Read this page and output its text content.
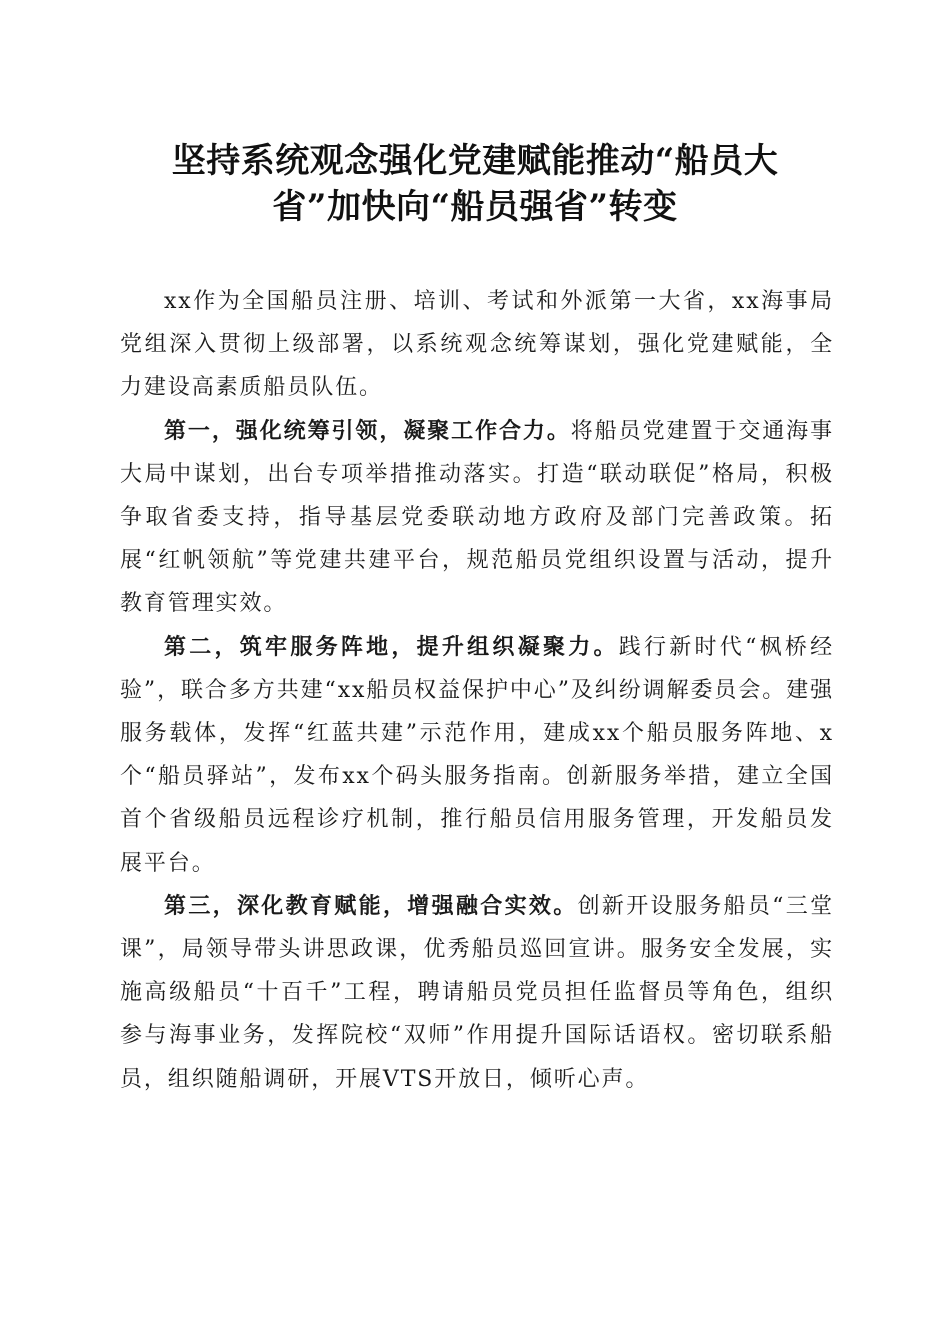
坚持系统观念强化党建赋能推动“船员大
省”加快向“船员强省”转变

xx作为全国船员注册、培训、考试和外派第一大省，xx海事局党组深入贯彻上级部署，以系统观念统筹谋划，强化党建赋能，全力建设高素质船员队伍。

第一，强化统筹引领，凝聚工作合力。将船员党建置于交通海事大局中谋划，出台专项举措推动落实。打造“联动联促”格局，积极争取省委支持，指导基层党委联动地方政府及部门完善政策。拓展“红帆领航”等党建共建平台，规范船员党组织设置与活动，提升教育管理实效。

第二，筑牢服务阵地，提升组织凝聚力。践行新时代“枫桥经验”，联合多方共建“xx船员权益保护中心”及纠纷调解委员会。建强服务载体，发挥“红蓝共建”示范作用，建成xx个船员服务阵地、x个“船员驿站”，发布xx个码头服务指南。创新服务举措，建立全国首个省级船员远程诊疗机制，推行船员信用服务管理，开发船员发展平台。

第三，深化教育赋能，增强融合实效。创新开设服务船员“三堂课”，局领导带头讲思政课，优秀船员巡回宣讲。服务安全发展，实施高级船员“十百千”工程，聘请船员党员担任监督员等角色，组织参与海事业务，发挥院校“双师”作用提升国际话语权。密切联系船员，组织随船调研，开展VTS开放日，倾听心声。
